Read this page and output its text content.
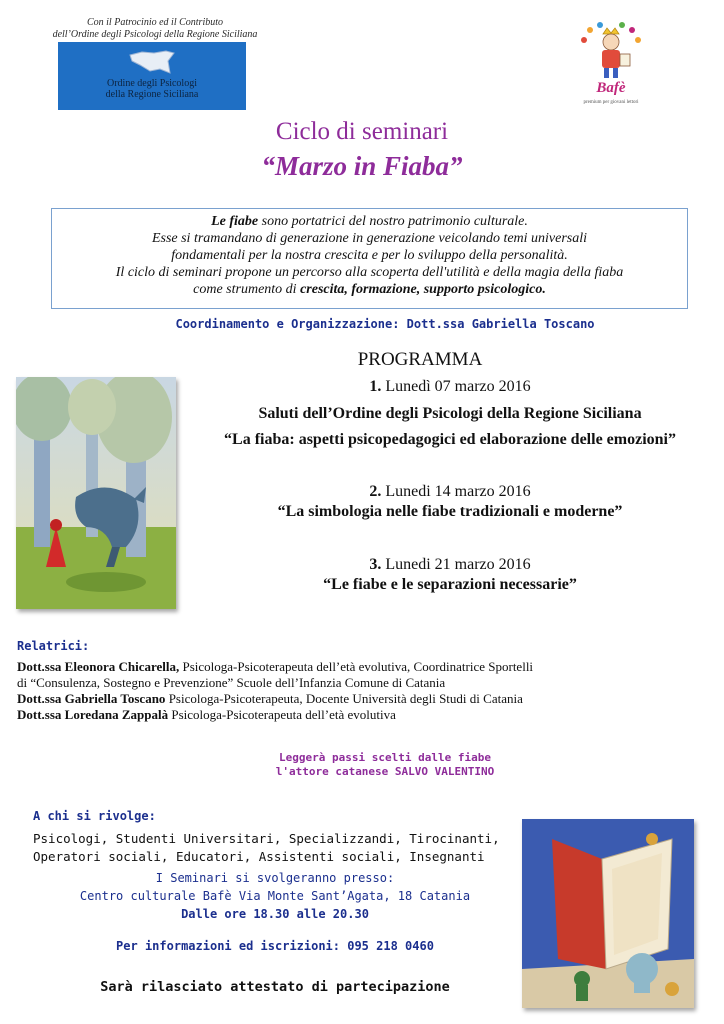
Con il Patrocinio ed il Contributo
dell’Ordine degli Psicologi della Regione Siciliana
Ordine degli Psicologi
della Regione Siciliana	Bafè
premium per giovani lettori
Ciclo di seminari
“Marzo in Fiaba”
Le fiabe sono portatrici del nostro patrimonio culturale.
Esse si tramandano di generazione in generazione veicolando temi universali
fondamentali per la nostra crescita e per lo sviluppo della personalità.
Il ciclo di seminari propone un percorso alla scoperta dell'utilità e della magia della fiaba
come strumento di crescita, formazione, supporto psicologico.
Coordinamento e Organizzazione: Dott.ssa Gabriella Toscano
PROGRAMMA
1. Lunedì 07 marzo 2016
Saluti dell’Ordine degli Psicologi della Regione Siciliana
“La fiaba: aspetti psicopedagogici ed elaborazione delle emozioni”
2. Lunedi 14 marzo 2016
“La simbologia nelle fiabe tradizionali e moderne”
3. Lunedi 21 marzo 2016
“Le fiabe e le separazioni necessarie”
Relatrici:
Dott.ssa Eleonora Chicarella, Psicologa-Psicoterapeuta dell’età evolutiva, Coordinatrice Sportelli
di “Consulenza, Sostegno e Prevenzione” Scuole dell’Infanzia Comune di Catania
Dott.ssa Gabriella Toscano Psicologa-Psicoterapeuta, Docente Università degli Studi di Catania
Dott.ssa Loredana Zappalà Psicologa-Psicoterapeuta dell’età evolutiva
Leggerà passi scelti dalle fiabe
l'attore catanese SALVO VALENTINO
A chi si rivolge:
Psicologi, Studenti Universitari, Specializzandi, Tirocinanti,
Operatori sociali, Educatori, Assistenti sociali, Insegnanti
I Seminari si svolgeranno presso:
Centro culturale Bafè Via Monte Sant’Agata, 18 Catania
Dalle ore 18.30 alle 20.30
Per informazioni ed iscrizioni: 095 218 0460
Sarà rilasciato attestato di partecipazione
